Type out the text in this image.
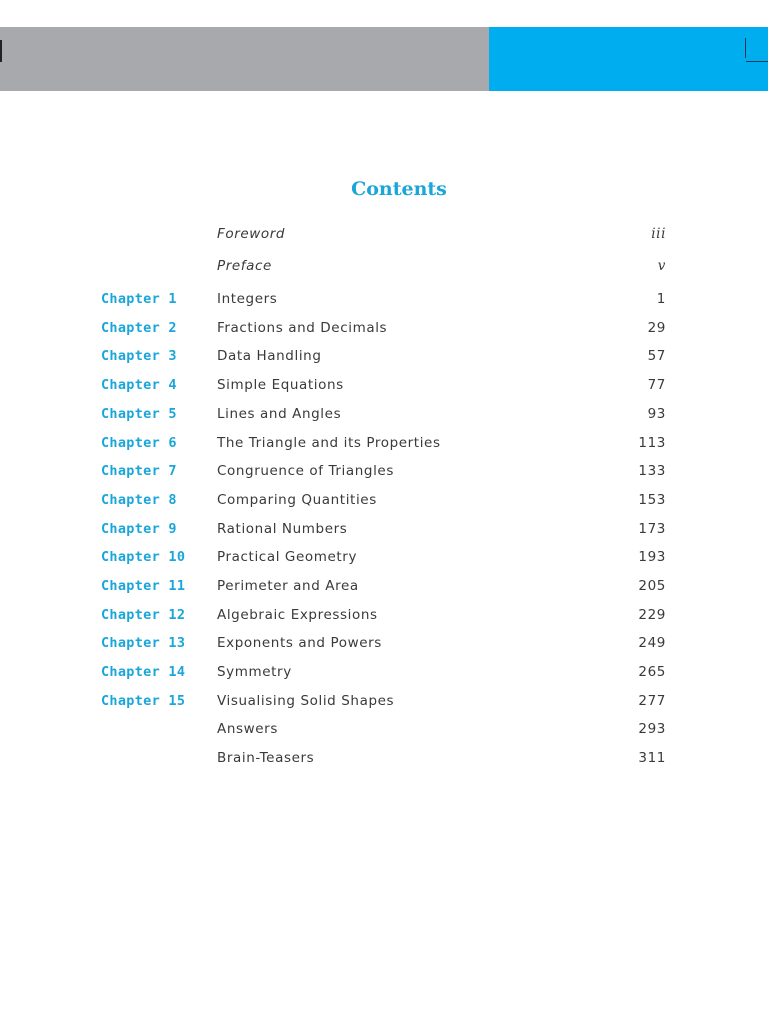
Contents
Foreword	iii
Preface	v
Chapter 1	Integers	1
Chapter 2	Fractions and Decimals	29
Chapter 3	Data Handling	57
Chapter 4	Simple Equations	77
Chapter 5	Lines and Angles	93
Chapter 6	The Triangle and its Properties	113
Chapter 7	Congruence of Triangles	133
Chapter 8	Comparing Quantities	153
Chapter 9	Rational Numbers	173
Chapter 10 Practical Geometry	193
Chapter 11 Perimeter and Area	205
Chapter 12 Algebraic Expressions	229
Chapter 13 Exponents and Powers	249
Chapter 14 Symmetry	265
Chapter 15 Visualising Solid Shapes	277
Answers	293
Brain-Teasers	311
